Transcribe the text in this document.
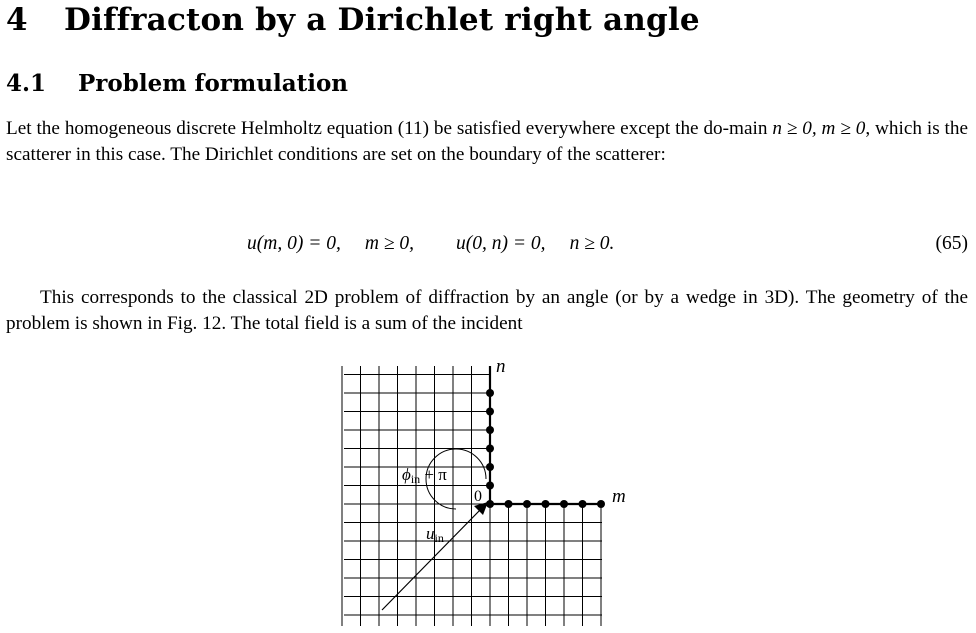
4 Diffracton by a Dirichlet right angle
4.1 Problem formulation

Let the homogeneous discrete Helmholtz equation (11) be satisfied everywhere except the do-main n ≥ 0, m ≥ 0, which is the scatterer in this case. The Dirichlet conditions are set on the boundary of the scatterer:

u(m, 0) = 0, m ≥ 0, u(0, n) = 0, n ≥ 0.	(65)

This corresponds to the classical 2D problem of diffraction by an angle (or by a wedge in 3D). The geometry of the problem is shown in Fig. 12. The total field is a sum of the incident

n
m
0
ϕin + π
uin
